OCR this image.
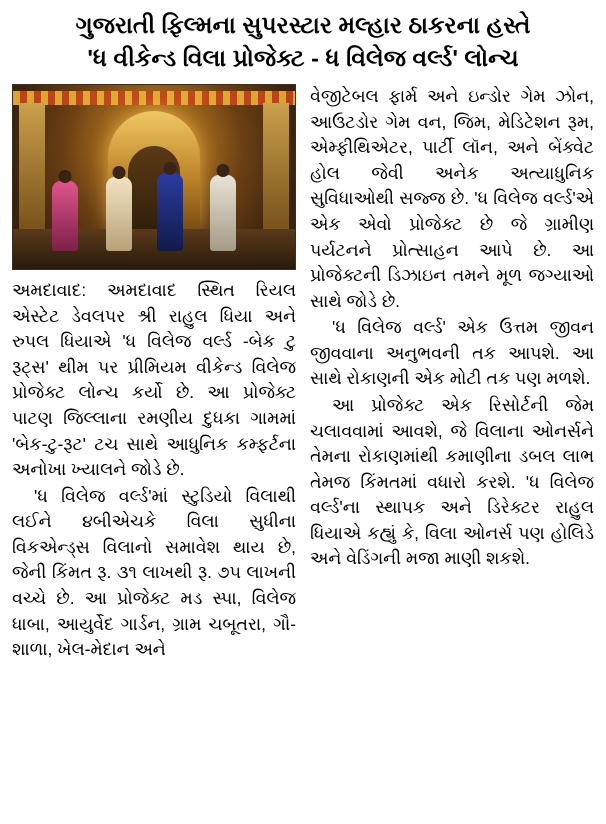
ગુજરાતી ફિલ્મના સુપરસ્ટાર મલ્હાર ઠાકરના હસ્તે
'ધ વીકેન્ડ વિલા પ્રોજેક્ટ - ધ વિલેજ વર્લ્ડ' લોન્ચ

અમદાવાદ: અમદાવાદ સ્થિત રિયલ એસ્ટેટ ડેવલપર શ્રી રાહુલ ધિયા અને રુપલ ધિયાએ 'ધ વિલેજ વર્લ્ડ -બેક ટુ રૂટ્સ' થીમ પર પ્રીમિયમ વીકેન્ડ વિલેજ પ્રોજેક્ટ લોન્ચ કર્યો છે. આ પ્રોજેક્ટ પાટણ જિલ્લાના રમણીય દુધકા ગામમાં 'બેક-ટુ-રૂટ' ટચ સાથે આધુનિક કમ્ફર્ટના અનોખા ખ્યાલને જોડે છે.

'ધ વિલેજ વર્લ્ડ'માં સ્ટુડિયો વિલાથી લઈને ૪બીએચકે વિલા સુધીના વિકએન્ડ્સ વિલાનો સમાવેશ થાય છે, જેની કિંમત રૂ. ૩૧ લાખથી રૂ. ૭૫ લાખની વચ્ચે છે. આ પ્રોજેક્ટ મડ સ્પા, વિલેજ ધાબા, આયુર્વેદ ગાર્ડન, ગ્રામ ચબૂતરા, ગૌ-શાળા, ખેલ-મેદાન અને

વેજીટેબલ ફાર્મ અને ઇન્ડોર ગેમ ઝોન, આઉટડોર ગેમ વન, જિમ, મેડિટેશન રૂમ, એમ્ફીથિએટર, પાર્ટી લૉન, અને બેંક્વેટ હોલ જેવી અનેક અત્યાધુનિક સુવિધાઓથી સજ્જ છે. 'ધ વિલેજ વર્લ્ડ'એ એક એવો પ્રોજેક્ટ છે જે ગ્રામીણ પર્યટનને પ્રોત્સાહન આપે છે. આ પ્રોજેક્ટની ડિઝાઇન તમને મૂળ જગ્યાઓ સાથે જોડે છે.

'ધ વિલેજ વર્લ્ડ' એક ઉત્તમ જીવન જીવવાના અનુભવની તક આપશે. આ સાથે રોકાણની એક મોટી તક પણ મળશે.

આ પ્રોજેક્ટ એક રિસોર્ટની જેમ ચલાવવામાં આવશે, જે વિલાના ઓનર્સને તેમના રોકાણમાંથી કમાણીના ડબલ લાભ તેમજ કિંમતમાં વધારો કરશે. 'ધ વિલેજ વર્લ્ડ'ના સ્થાપક અને ડિરેક્ટર રાહુલ ધિયાએ કહ્યું કે, વિલા ઓનર્સ પણ હોલિડે અને વેડિંગની મજા માણી શકશે.
